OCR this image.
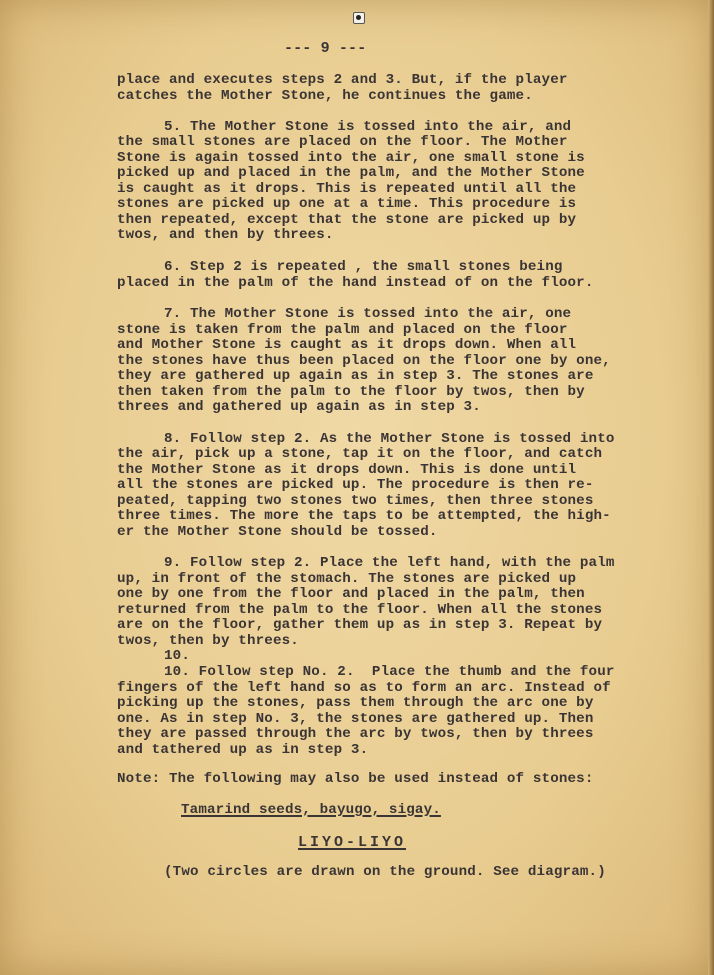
--- 9 ---
place and executes steps 2 and 3. But, if the player
catches the Mother Stone, he continues the game.
5. The Mother Stone is tossed into the air, and
the small stones are placed on the floor. The Mother
Stone is again tossed into the air, one small stone is
picked up and placed in the palm, and the Mother Stone
is caught as it drops. This is repeated until all the
stones are picked up one at a time. This procedure is
then repeated, except that the stone are picked up by
twos, and then by threes.
6. Step 2 is repeated , the small stones being
placed in the palm of the hand instead of on the floor.
7. The Mother Stone is tossed into the air, one
stone is taken from the palm and placed on the floor
and Mother Stone is caught as it drops down. When all
the stones have thus been placed on the floor one by one,
they are gathered up again as in step 3. The stones are
then taken from the palm to the floor by twos, then by
threes and gathered up again as in step 3.
8. Follow step 2. As the Mother Stone is tossed into
the air, pick up a stone, tap it on the floor, and catch
the Mother Stone as it drops down. This is done until
all the stones are picked up. The procedure is then re-
peated, tapping two stones two times, then three stones
three times. The more the taps to be attempted, the high-
er the Mother Stone should be tossed.
9. Follow step 2. Place the left hand, with the palm
up, in front of the stomach. The stones are picked up
one by one from the floor and placed in the palm, then
returned from the palm to the floor. When all the stones
are on the floor, gather them up as in step 3. Repeat by
twos, then by threes.
10.
10. Follow step No. 2.  Place the thumb and the four
fingers of the left hand so as to form an arc. Instead of
picking up the stones, pass them through the arc one by
one. As in step No. 3, the stones are gathered up. Then
they are passed through the arc by twos, then by threes
and tathered up as in step 3.
Note: The following may also be used instead of stones:
Tamarind seeds, bayugo, sigay.
LIYO-LIYO
(Two circles are drawn on the ground. See diagram.)
